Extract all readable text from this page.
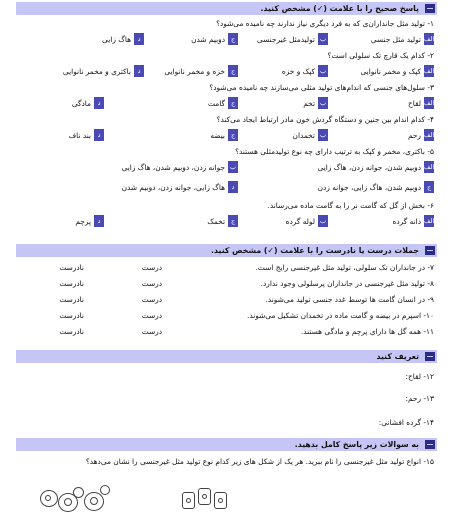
پاسخ صحیح را با علامت (✓) مشخص کنید.
۱- تولید مثل جانداران‌ی که به فرد دیگری نیاز ندارند چه نامیده می‌شود؟
الف
تولید مثل جنسی
ب
تولیدمثل غیرجنسی
ج
دوبیم شدن
د
هاگ زایی
۲- کدام یک قارچ تک سلولی است؟
الف
کپک و مخمر نانوایی
ب
کپک و خزه
ج
خزه و مخمر نانوایی
د
باکتری و مخمر نانوایی
۳- سلول‌های جنسی که اندام‌های تولید مثلی می‌سازند چه نامیده می‌شود؟
الف
لقاح
ب
تخم
ج
گامت
د
مادگی
۴- کدام اندام بین جنین و دستگاه گردش خون مادر ارتباط ایجاد می‌کند؟
الف
رحم
ب
تخمدان
ج
بیضه
د
بند ناف
۵- باکتری، مخمر و کپک به ترتیب دارای چه نوع تولیدمثلی هستند؟
الف
دوبیم شدن، جوانه زدن، هاگ زایی
ب
جوانه زدن، دوبیم شدن، هاگ زایی
ج
دوبیم شدن، هاگ زایی، جوانه زدن
د
هاگ زایی، جوانه زدن، دوبیم شدن
۶- بخش از گل که گامت نر را به گامت ماده می‌رساند.
الف
دانه گرده
ب
لوله گرده
ج
تخمک
د
پرچم
جملات درست یا نادرست را با علامت (✓) مشخص کنید.
۷- در جانداران تک سلولی، تولید مثل غیرجنسی رایج است.
درست
نادرست
۸- تولید مثل غیرجنسی در جانداران پرسلولی وجود ندارد.
درست
نادرست
۹- در انسان گامت ها توسط غدد جنسی تولید می‌شوند.
درست
نادرست
۱۰- اسپرم در بیضه و گامت ماده در تخمدان تشکیل می‌شوند.
درست
نادرست
۱۱- همه گل ها دارای پرچم و مادگی هستند.
درست
نادرست
تعریف کنید
۱۲- لقاح:
۱۳- رحم:
۱۴- گرده افشانی:
به سوالات زیر پاسخ کامل بدهید.
۱۵- انواع تولید مثل غیرجنسی را نام ببرید. هر یک از شکل های زیر کدام نوع تولید مثل غیرجنسی را نشان می‌دهد؟
